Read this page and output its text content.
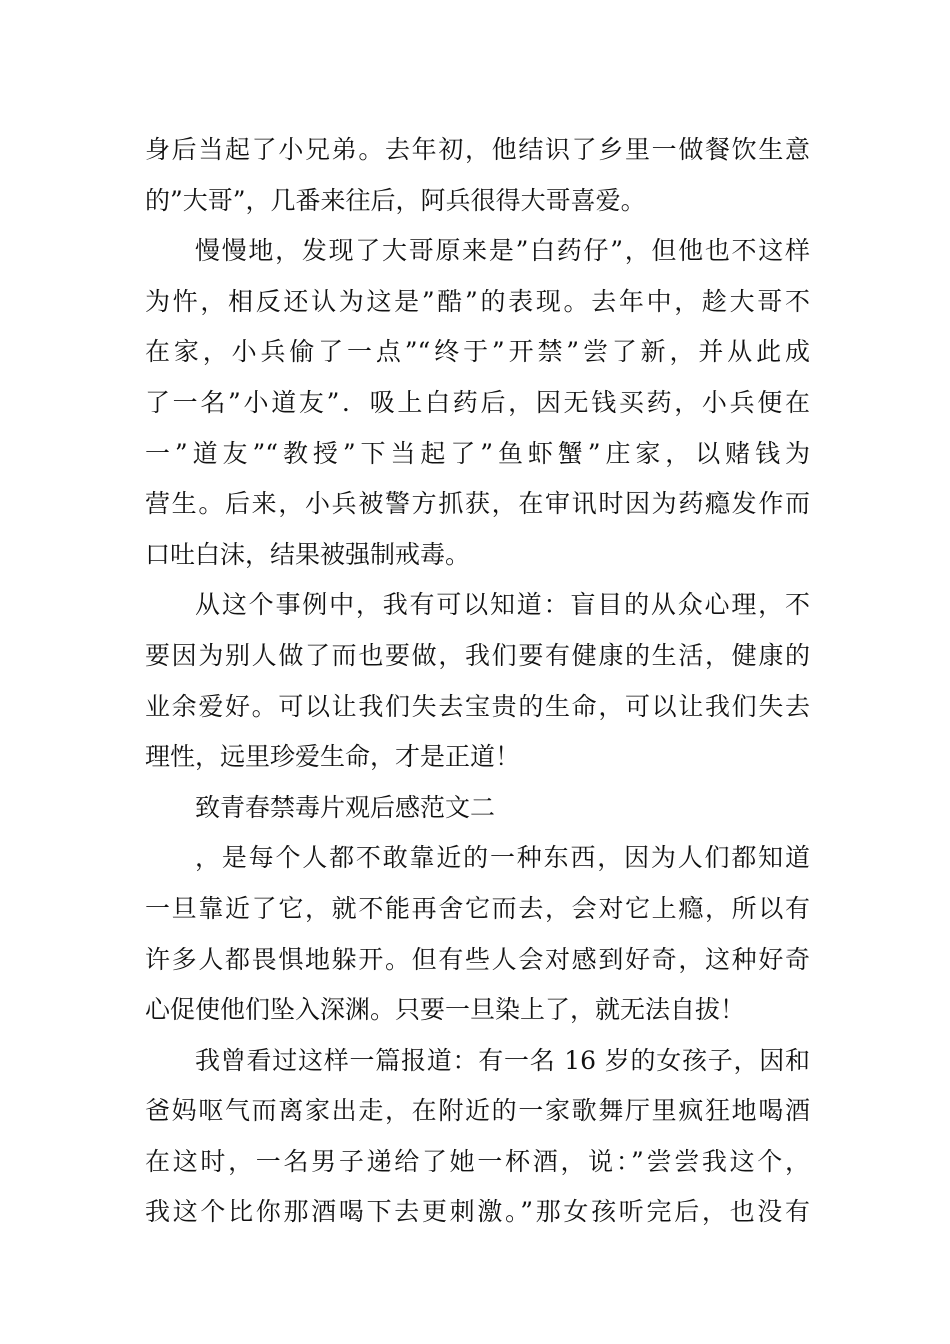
身后当起了小兄弟。去年初，他结识了乡里一做餐饮生意
的”大哥”，几番来往后，阿兵很得大哥喜爱。
慢慢地，发现了大哥原来是”白药仔”，但他也不这样
为忤，相反还认为这是”酷”的表现。去年中，趁大哥不
在家，小兵偷了一点”“终于”开禁”尝了新，并从此成
了一名”小道友”．吸上白药后，因无钱买药，小兵便在
一”道友”“教授”下当起了”鱼虾蟹”庄家，以赌钱为
营生。后来，小兵被警方抓获，在审讯时因为药瘾发作而
口吐白沫，结果被强制戒毒。
从这个事例中，我有可以知道：盲目的从众心理，不
要因为别人做了而也要做，我们要有健康的生活，健康的
业余爱好。可以让我们失去宝贵的生命，可以让我们失去
理性，远里珍爱生命，才是正道！
致青春禁毒片观后感范文二
，是每个人都不敢靠近的一种东西，因为人们都知道
一旦靠近了它，就不能再舍它而去，会对它上瘾，所以有
许多人都畏惧地躲开。但有些人会对感到好奇，这种好奇
心促使他们坠入深渊。只要一旦染上了，就无法自拔！
我曾看过这样一篇报道：有一名 16 岁的女孩子，因和
爸妈呕气而离家出走，在附近的一家歌舞厅里疯狂地喝酒
在这时，一名男子递给了她一杯酒，说：”尝尝我这个，
我这个比你那酒喝下去更刺激。”那女孩听完后，也没有
